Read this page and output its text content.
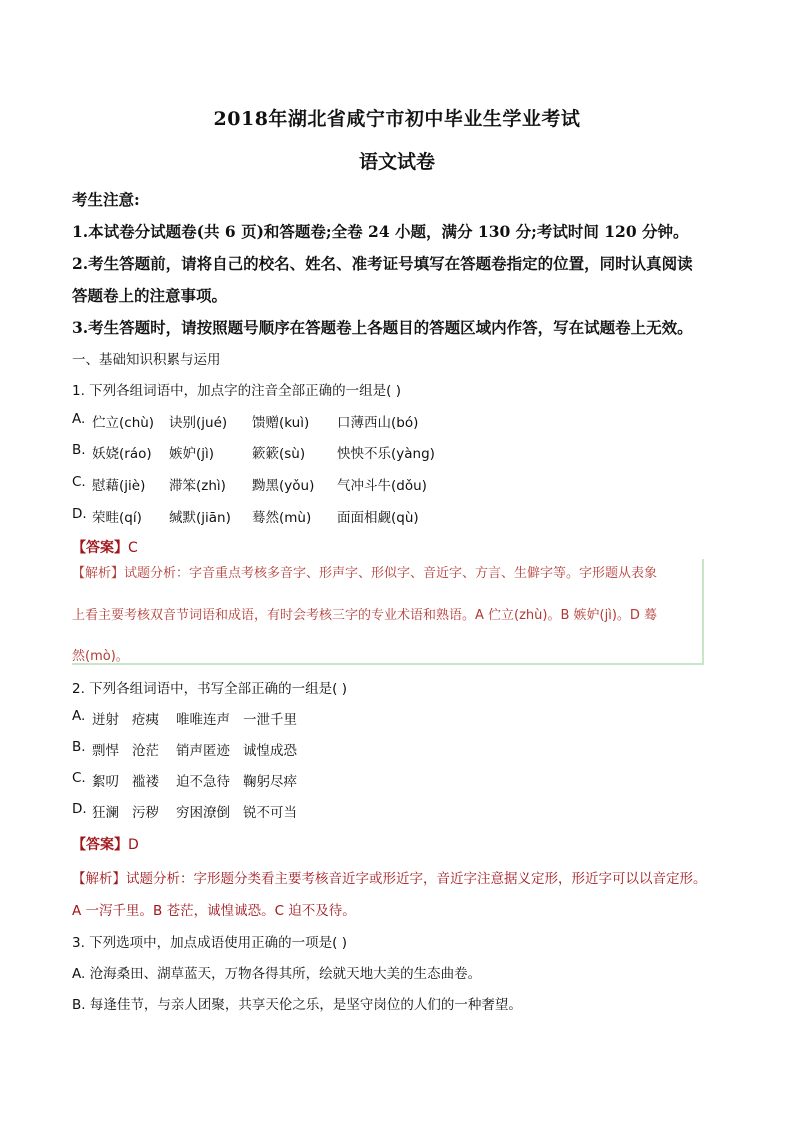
2018年湖北省咸宁市初中毕业生学业考试
语文试卷
考生注意:
1.本试卷分试题卷(共 6 页)和答题卷;全卷 24 小题，满分 130 分;考试时间 120 分钟。
2.考生答题前，请将自己的校名、姓名、准考证号填写在答题卷指定的位置，同时认真阅读
答题卷上的注意事项。
3.考生答题时，请按照题号顺序在答题卷上各题目的答题区域内作答，写在试题卷上无效。
一、基础知识积累与运用
1. 下列各组词语中，加点字的注音全部正确的一组是( )
A. 伫立(chù) 诀别(jué) 馈赠(kuì) 口薄西山(bó)
B. 妖娆(ráo) 嫉妒(jì)	簌簌(sù) 怏怏不乐(yàng)
C. 慰藉(jiè) 滞笨(zhì) 黝黑(yǒu) 气冲斗牛(dǒu)
D. 荣畦(qí) 缄默(jiān) 蓦然(mù) 面面相觑(qù)
【答案】C
【解析】试题分析：字音重点考核多音字、形声字、形似字、音近字、方言、生僻字等。字形题从表象
上看主要考核双音节词语和成语，有时会考核三字的专业术语和熟语。A 伫立(zhù)。B 嫉妒(jì)。D 蓦
然(mò)。
2. 下列各组词语中，书写全部正确的一组是( )
A. 迸射 疮痍 唯唯连声 一泄千里
B. 剽悍 沧茫 销声匿迹 诚惶成恐
C. 絮叨 褴褛 迫不急待 鞠躬尽瘁
D. 狂澜 污秽 穷困潦倒 锐不可当
【答案】D
【解析】试题分析：字形题分类看主要考核音近字或形近字，音近字注意据义定形，形近字可以以音定形。
A 一泻千里。B 苍茫，诚惶诚恐。C 迫不及待。
3. 下列选项中，加点成语使用正确的一项是( )
A. 沧海桑田、湖草蓝天，万物各得其所，绘就天地大美的生态曲卷。
B. 每逢佳节，与亲人团聚，共享天伦之乐，是坚守岗位的人们的一种奢望。
